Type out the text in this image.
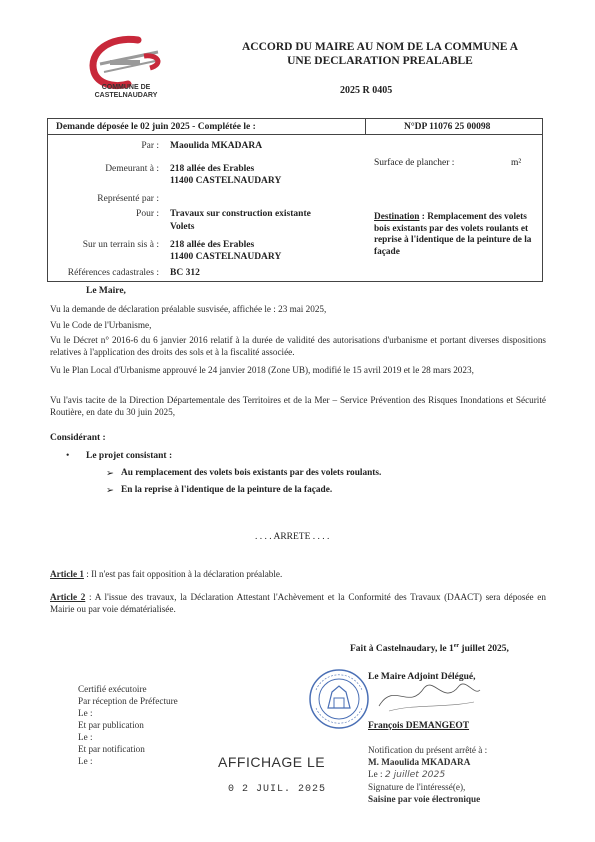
COMMUNE DE
CASTELNAUDARY
ACCORD DU MAIRE AU NOM DE LA COMMUNE A
UNE DECLARATION PREALABLE
2025 R 0405
Demande déposée le 02 juin 2025 - Complétée le :	N°DP 11076 25 00098
Par : Maoulida MKADARA
Demeurant à : 218 allée des Erables
11400 CASTELNAUDARY
Représenté par :
Pour : Travaux sur construction existante
Volets
Sur un terrain sis à : 218 allée des Erables
11400 CASTELNAUDARY
Références cadastrales : BC 312
Surface de plancher :	m²
Destination : Remplacement des volets bois existants par des volets roulants et reprise à l'identique de la peinture de la façade
Le Maire,
Vu la demande de déclaration préalable susvisée, affichée le : 23 mai 2025,
Vu le Code de l'Urbanisme,
Vu le Décret n° 2016-6 du 6 janvier 2016 relatif à la durée de validité des autorisations d'urbanisme et portant diverses dispositions relatives à l'application des droits des sols et à la fiscalité associée.
Vu le Plan Local d'Urbanisme approuvé le 24 janvier 2018 (Zone UB), modifié le 15 avril 2019 et le 28 mars 2023,
Vu l'avis tacite de la Direction Départementale des Territoires et de la Mer – Service Prévention des Risques Inondations et Sécurité Routière, en date du 30 juin 2025,
Considérant :
• Le projet consistant :
➢ Au remplacement des volets bois existants par des volets roulants.
➢ En la reprise à l'identique de la peinture de la façade.
. . . . ARRETE . . . .
Article 1 : Il n'est pas fait opposition à la déclaration préalable.
Article 2 : A l'issue des travaux, la Déclaration Attestant l'Achèvement et la Conformité des Travaux (DAACT) sera déposée en Mairie ou par voie dématérialisée.
Fait à Castelnaudary, le 1er juillet 2025,
Le Maire Adjoint Délégué,
François DEMANGEOT
Certifié exécutoire
Par réception de Préfecture
Le :
Et par publication
Le :
Et par notification
Le :	AFFICHAGE LE
0 2 JUIL. 2025
Notification du présent arrêté à :
M. Maoulida MKADARA
Le : 2 juillet 2025
Signature de l'intéressé(e),
Saisine par voie électronique
